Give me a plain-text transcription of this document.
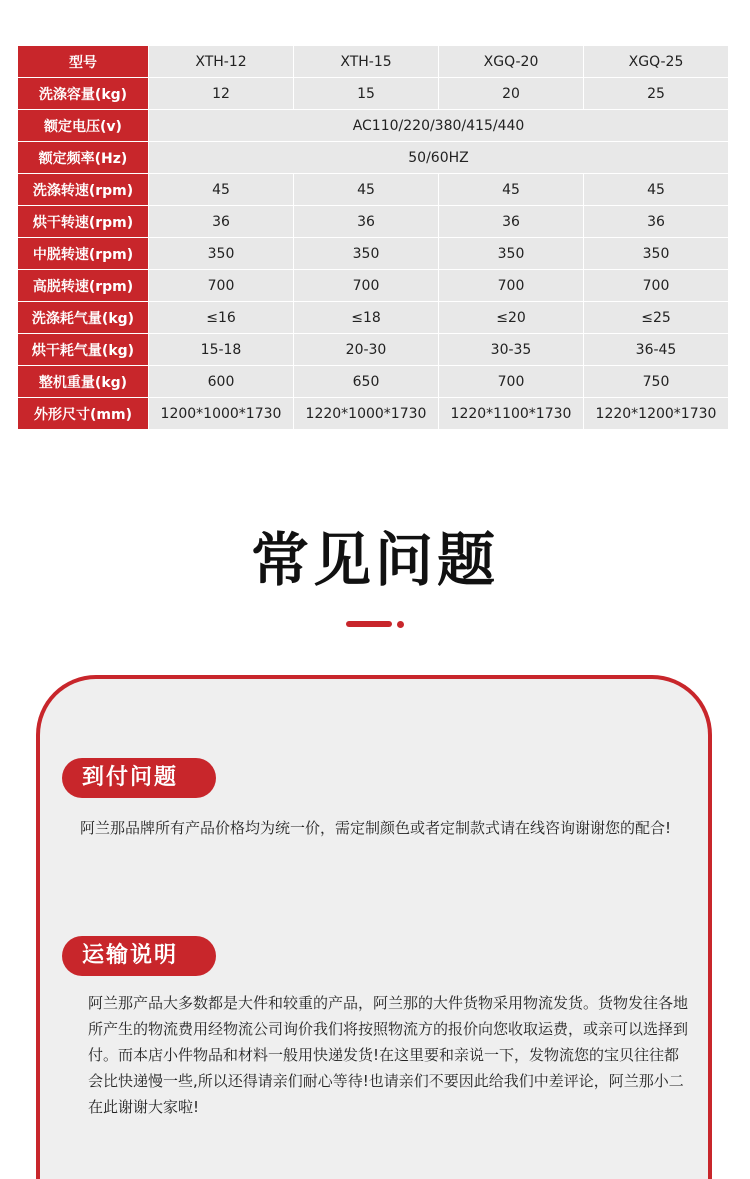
型号	XTH-12	XTH-15	XGQ-20	XGQ-25
洗涤容量(kg)	12	15	20	25
额定电压(v)	AC110/220/380/415/440			
额定频率(Hz)	50/60HZ			
洗涤转速(rpm)	45	45	45	45
烘干转速(rpm)	36	36	36	36
中脱转速(rpm)	350	350	350	350
高脱转速(rpm)	700	700	700	700
洗涤耗气量(kg)	≤16	≤18	≤20	≤25
烘干耗气量(kg)	15-18	20-30	30-35	36-45
整机重量(kg)	600	650	700	750
外形尺寸(mm)	1200*1000*1730	1220*1000*1730	1220*1100*1730	1220*1200*1730
常见问题
到付问题
阿兰那品牌所有产品价格均为统一价，需定制颜色或者定制款式请在线咨询谢谢您的配合!
运输说明
阿兰那产品大多数都是大件和较重的产品，阿兰那的大件货物采用物流发货。货物发往各地所产生的物流费用经物流公司询价我们将按照物流方的报价向您收取运费，或亲可以选择到付。而本店小件物品和材料一般用快递发货!在这里要和亲说一下，发物流您的宝贝往往都会比快递慢一些,所以还得请亲们耐心等待!也请亲们不要因此给我们中差评论，阿兰那小二在此谢谢大家啦!
